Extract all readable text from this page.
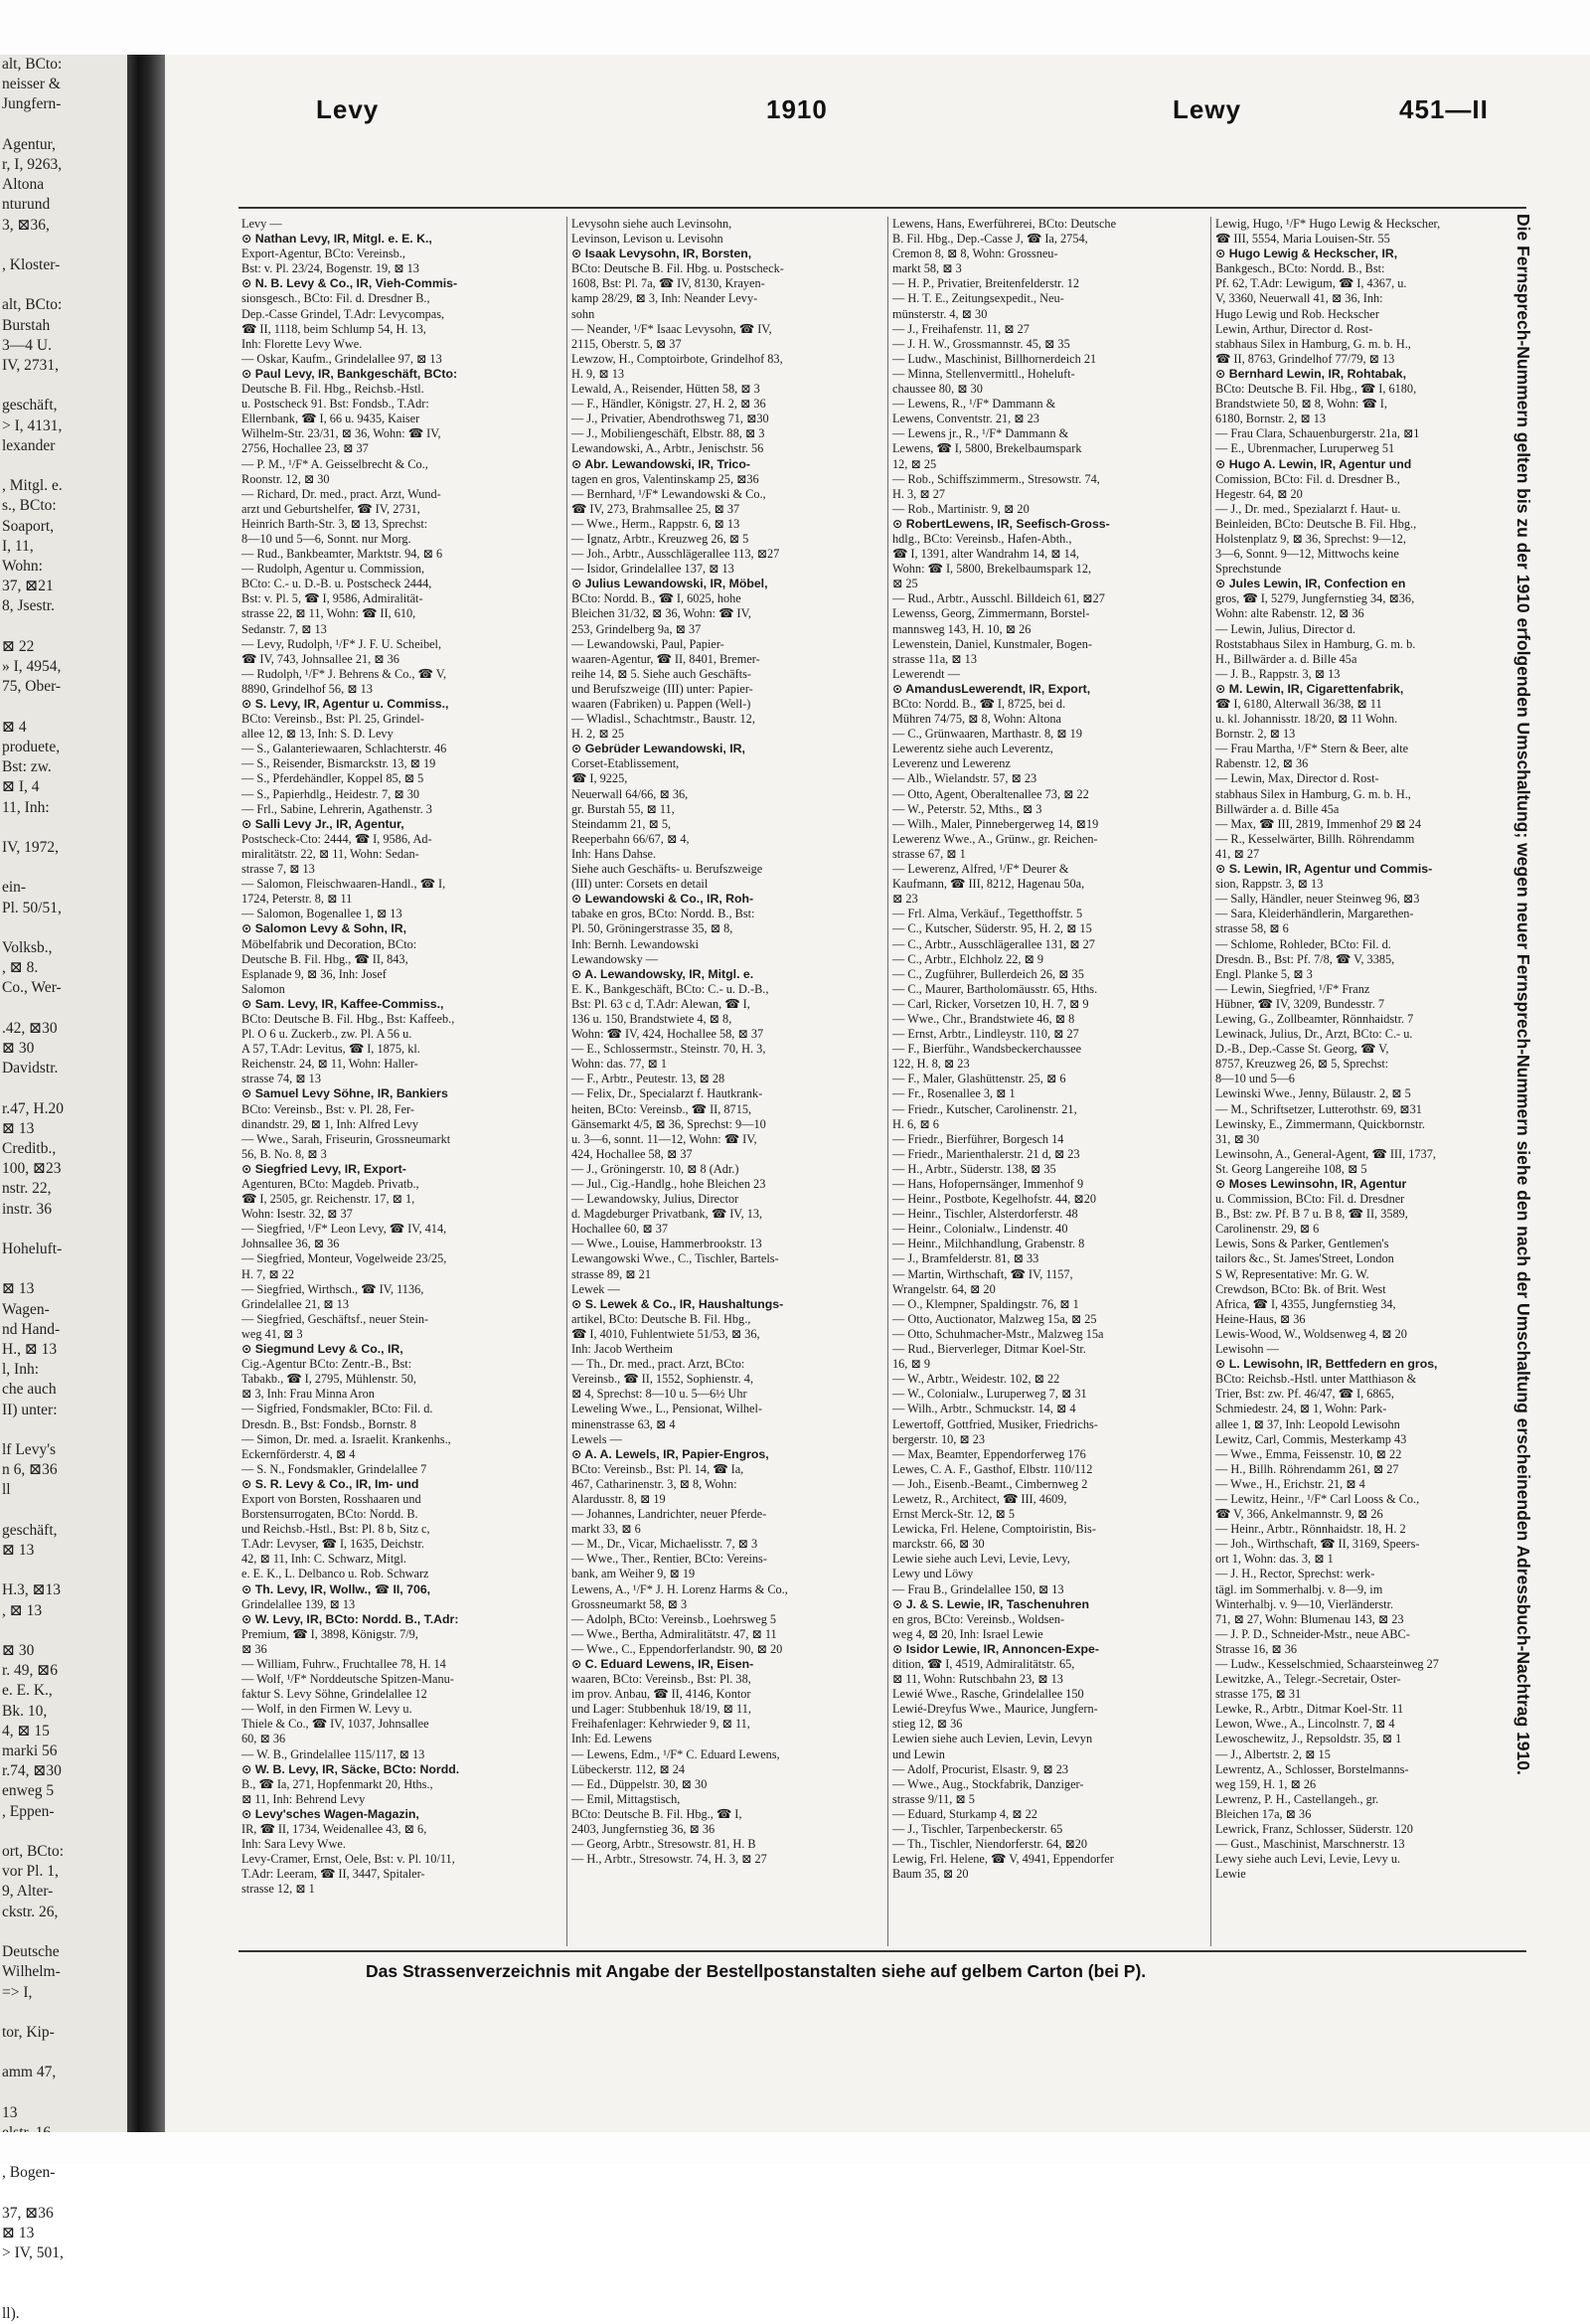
alt, BCto:
neisser &
Jungfern-

Agentur,
r, I, 9263,
Altona
nturund
3, ⊠36,

, Kloster-

alt, BCto:
Burstah
3—4 U.
IV, 2731,

geschäft,
> I, 4131,
lexander

, Mitgl. e.
s., BCto:
Soaport,
I, 11,
Wohn:
37, ⊠21
8, Jsestr.

⊠ 22
» I, 4954,
75, Ober-

⊠ 4
produete,
Bst: zw.
⊠ I, 4
11, Inh:

IV, 1972,

ein-
Pl. 50/51,

Volksb.,
, ⊠ 8.
Co., Wer-

.42, ⊠30
⊠ 30
Davidstr.

r.47, H.20
⊠ 13
Creditb.,
100, ⊠23
nstr. 22,
instr. 36

Hoheluft-

⊠ 13
Wagen-
nd Hand-
H., ⊠ 13
l, Inh:
che auch
II) unter:

lf Levy's
n 6, ⊠36
ll

geschäft,
⊠ 13

H.3, ⊠13
, ⊠ 13

⊠ 30
r. 49, ⊠6
e. E. K.,
Bk. 10,
4, ⊠ 15
marki 56
r.74, ⊠30
enweg 5
, Eppen-

ort, BCto:
vor Pl. 1,
9, Alter-
ckstr. 26,

Deutsche
Wilhelm-
=> I,

tor, Kip-

amm 47,

13

, Bogen-

37, ⊠36
⊠ 13
> IV, 501,

ll).
Levy	1910	Lewy	451—II
Levy —
⊙ Nathan Levy, IR, Mitgl. e. E. K.,
Export-Agentur, BCto: Vereinsb.,
Bst: v. Pl. 23/24, Bogenstr. 19, ⊠ 13
⊙ N. B. Levy & Co., IR, Vieh-Commis-
sionsgesch., BCto: Fil. d. Dresdner B.,
Dep.-Casse Grindel, T.Adr: Levycompas,
☎ II, 1118, beim Schlump 54, H. 13,
Inh: Florette Levy Wwe.
— Oskar, Kaufm., Grindelallee 97, ⊠ 13
⊙ Paul Levy, IR, Bankgeschäft, BCto:
Deutsche B. Fil. Hbg., Reichsb.-Hstl.
u. Postscheck 91. Bst: Fondsb., T.Adr:
Ellernbank, ☎ I, 66 u. 9435, Kaiser
Wilhelm-Str. 23/31, ⊠ 36, Wohn: ☎ IV,
2756, Hochallee 23, ⊠ 37
— P. M., ¹/F* A. Geisselbrecht & Co.,
Roonstr. 12, ⊠ 30
— Richard, Dr. med., pract. Arzt, Wund-
arzt und Geburtshelfer, ☎ IV, 2731,
Heinrich Barth-Str. 3, ⊠ 13, Sprechst:
8—10 und 5—6, Sonnt. nur Morg.
— Rud., Bankbeamter, Marktstr. 94, ⊠ 6
— Rudolph, Agentur u. Commission,
BCto: C.- u. D.-B. u. Postscheck 2444,
Bst: v. Pl. 5, ☎ I, 9586, Admiralität-
strasse 22, ⊠ 11, Wohn: ☎ II, 610,
Sedanstr. 7, ⊠ 13
— Levy, Rudolph, ¹/F* J. F. U. Scheibel,
☎ IV, 743, Johnsallee 21, ⊠ 36
— Rudolph, ¹/F* J. Behrens & Co., ☎ V,
8890, Grindelhof 56, ⊠ 13
⊙ S. Levy, IR, Agentur u. Commiss.,
BCto: Vereinsb., Bst: Pl. 25, Grindel-
allee 12, ⊠ 13, Inh: S. D. Levy
— S., Galanteriewaaren, Schlachterstr. 46
— S., Reisender, Bismarckstr. 13, ⊠ 19
— S., Pferdehändler, Koppel 85, ⊠ 5
— S., Papierhdlg., Heidestr. 7, ⊠ 30
— Frl., Sabine, Lehrerin, Agathenstr. 3
⊙ Salli Levy Jr., IR, Agentur,
Postscheck-Cto: 2444, ☎ I, 9586, Ad-
miralitätstr. 22, ⊠ 11, Wohn: Sedan-
strasse 7, ⊠ 13
— Salomon, Fleischwaaren-Handl., ☎ I,
1724, Peterstr. 8, ⊠ 11
— Salomon, Bogenallee 1, ⊠ 13
⊙ Salomon Levy & Sohn, IR,
Möbelfabrik und Decoration, BCto:
Deutsche B. Fil. Hbg., ☎ II, 843,
Esplanade 9, ⊠ 36, Inh: Josef
Salomon
⊙ Sam. Levy, IR, Kaffee-Commiss.,
BCto: Deutsche B. Fil. Hbg., Bst: Kaffeeb.,
Pl. O 6 u. Zuckerb., zw. Pl. A 56 u.
A 57, T.Adr: Levitus, ☎ I, 1875, kl.
Reichenstr. 24, ⊠ 11, Wohn: Haller-
strasse 74, ⊠ 13
⊙ Samuel Levy Söhne, IR, Bankiers
BCto: Vereinsb., Bst: v. Pl. 28, Fer-
dinandstr. 29, ⊠ 1, Inh: Alfred Levy
— Wwe., Sarah, Friseurin, Grossneumarkt
56, B. No. 8, ⊠ 3
⊙ Siegfried Levy, IR, Export-
Agenturen, BCto: Magdeb. Privatb.,
☎ I, 2505, gr. Reichenstr. 17, ⊠ 1,
Wohn: Isestr. 32, ⊠ 37
— Siegfried, ¹/F* Leon Levy, ☎ IV, 414,
Johnsallee 36, ⊠ 36
— Siegfried, Monteur, Vogelweide 23/25,
H. 7, ⊠ 22
— Siegfried, Wirthsch., ☎ IV, 1136,
Grindelallee 21, ⊠ 13
— Siegfried, Geschäftsf., neuer Stein-
weg 41, ⊠ 3
⊙ Siegmund Levy & Co., IR,
Cig.-Agentur BCto: Zentr.-B., Bst:
Tabakb., ☎ I, 2795, Mühlenstr. 50,
⊠ 3, Inh: Frau Minna Aron
— Sigfried, Fondsmakler, BCto: Fil. d.
Dresdn. B., Bst: Fondsb., Bornstr. 8
— Simon, Dr. med. a. Israelit. Krankenhs.,
Eckernförderstr. 4, ⊠ 4
— S. N., Fondsmakler, Grindelallee 7
⊙ S. R. Levy & Co., IR, Im- und
Export von Borsten, Rosshaaren und
Borstensurrogaten, BCto: Nordd. B.
und Reichsb.-Hstl., Bst: Pl. 8 b, Sitz c,
T.Adr: Levyser, ☎ I, 1635, Deichstr.
42, ⊠ 11, Inh: C. Schwarz, Mitgl.
e. E. K., L. Delbanco u. Rob. Schwarz
⊙ Th. Levy, IR, Wollw., ☎ II, 706,
Grindelallee 139, ⊠ 13
⊙ W. Levy, IR, BCto: Nordd. B., T.Adr:
Premium, ☎ I, 3898, Königstr. 7/9,
⊠ 36
— William, Fuhrw., Fruchtallee 78, H. 14
— Wolf, ¹/F* Norddeutsche Spitzen-Manu-
faktur S. Levy Söhne, Grindelallee 12
— Wolf, in den Firmen W. Levy u.
Thiele & Co., ☎ IV, 1037, Johnsallee
60, ⊠ 36
— W. B., Grindelallee 115/117, ⊠ 13
⊙ W. B. Levy, IR, Säcke, BCto: Nordd.
B., ☎ Ia, 271, Hopfenmarkt 20, Hths.,
⊠ 11, Inh: Behrend Levy
⊙ Levy'sches Wagen-Magazin,
IR, ☎ II, 1734, Weidenallee 43, ⊠ 6,
Inh: Sara Levy Wwe.
Levy-Cramer, Ernst, Oele, Bst: v. Pl. 10/11,
T.Adr: Leeram, ☎ II, 3447, Spitaler-
strasse 12, ⊠ 1
Levysohn siehe auch Levinsohn,
Levinson, Levison u. Levisohn
⊙ Isaak Levysohn, IR, Borsten,
BCto: Deutsche B. Fil. Hbg. u. Postscheck-
1608, Bst: Pl. 7a, ☎ IV, 8130, Krayen-
kamp 28/29, ⊠ 3, Inh: Neander Levy-
sohn
— Neander, ¹/F* Isaac Levysohn, ☎ IV,
2115, Oberstr. 5, ⊠ 37
Lewzow, H., Comptoirbote, Grindelhof 83,
H. 9, ⊠ 13
Lewald, A., Reisender, Hütten 58, ⊠ 3
— F., Händler, Königstr. 27, H. 2, ⊠ 36
— J., Privatier, Abendrothsweg 71, ⊠30
— J., Mobiliengeschäft, Elbstr. 88, ⊠ 3
Lewandowski, A., Arbtr., Jenischstr. 56
⊙ Abr. Lewandowski, IR, Trico-
tagen en gros, Valentinskamp 25, ⊠36
— Bernhard, ¹/F* Lewandowski & Co.,
☎ IV, 273, Brahmsallee 25, ⊠ 37
— Wwe., Herm., Rappstr. 6, ⊠ 13
— Ignatz, Arbtr., Kreuzweg 26, ⊠ 5
— Joh., Arbtr., Ausschlägerallee 113, ⊠27
— Isidor, Grindelallee 137, ⊠ 13
⊙ Julius Lewandowski, IR, Möbel,
BCto: Nordd. B., ☎ I, 6025, hohe
Bleichen 31/32, ⊠ 36, Wohn: ☎ IV,
253, Grindelberg 9a, ⊠ 37
— Lewandowski, Paul, Papier-
waaren-Agentur, ☎ II, 8401, Bremer-
reihe 14, ⊠ 5. Siehe auch Geschäfts-
und Berufszweige (III) unter: Papier-
waaren (Fabriken) u. Pappen (Well-)
— Wladisl., Schachtmstr., Baustr. 12,
H. 2, ⊠ 25
⊙ Gebrüder Lewandowski, IR,
Corset-Etablissement,
☎ I, 9225,
Neuerwall 64/66, ⊠ 36,
gr. Burstah 55, ⊠ 11,
Steindamm 21, ⊠ 5,
Reeperbahn 66/67, ⊠ 4,
Inh: Hans Dahse.
Siehe auch Geschäfts- u. Berufszweige
(III) unter: Corsets en detail
⊙ Lewandowski & Co., IR, Roh-
tabake en gros, BCto: Nordd. B., Bst:
Pl. 50, Gröningerstrasse 35, ⊠ 8,
Inh: Bernh. Lewandowski
Lewandowsky —
⊙ A. Lewandowsky, IR, Mitgl. e.
E. K., Bankgeschäft, BCto: C.- u. D.-B.,
Bst: Pl. 63 c d, T.Adr: Alewan, ☎ I,
136 u. 150, Brandstwiete 4, ⊠ 8,
Wohn: ☎ IV, 424, Hochallee 58, ⊠ 37
— E., Schlossermstr., Steinstr. 70, H. 3,
Wohn: das. 77, ⊠ 1
— F., Arbtr., Peutestr. 13, ⊠ 28
— Felix, Dr., Specialarzt f. Hautkrank-
heiten, BCto: Vereinsb., ☎ II, 8715,
Gänsemarkt 4/5, ⊠ 36, Sprechst: 9—10
u. 3—6, sonnt. 11—12, Wohn: ☎ IV,
424, Hochallee 58, ⊠ 37
— J., Gröningerstr. 10, ⊠ 8 (Adr.)
— Jul., Cig.-Handlg., hohe Bleichen 23
— Lewandowsky, Julius, Director
d. Magdeburger Privatbank, ☎ IV, 13,
Hochallee 60, ⊠ 37
— Wwe., Louise, Hammerbrookstr. 13
Lewangowski Wwe., C., Tischler, Bartels-
strasse 89, ⊠ 21
Lewek —
⊙ S. Lewek & Co., IR, Haushaltungs-
artikel, BCto: Deutsche B. Fil. Hbg.,
☎ I, 4010, Fuhlentwiete 51/53, ⊠ 36,
Inh: Jacob Wertheim
— Th., Dr. med., pract. Arzt, BCto:
Vereinsb., ☎ II, 1552, Sophienstr. 4,
⊠ 4, Sprechst: 8—10 u. 5—6½ Uhr
Leweling Wwe., L., Pensionat, Wilhel-
minenstrasse 63, ⊠ 4
Lewels —
⊙ A. A. Lewels, IR, Papier-Engros,
BCto: Vereinsb., Bst: Pl. 14, ☎ Ia,
467, Catharinenstr. 3, ⊠ 8, Wohn:
Alardusstr. 8, ⊠ 19
— Johannes, Landrichter, neuer Pferde-
markt 33, ⊠ 6
— M., Dr., Vicar, Michaelisstr. 7, ⊠ 3
— Wwe., Ther., Rentier, BCto: Vereins-
bank, am Weiher 9, ⊠ 19
Lewens, A., ¹/F* J. H. Lorenz Harms & Co.,
Grossneumarkt 58, ⊠ 3
— Adolph, BCto: Vereinsb., Loehrsweg 5
— Wwe., Bertha, Admiralitätstr. 47, ⊠ 11
— Wwe., C., Eppendorferlandstr. 90, ⊠ 20
⊙ C. Eduard Lewens, IR, Eisen-
waaren, BCto: Vereinsb., Bst: Pl. 38,
im prov. Anbau, ☎ II, 4146, Kontor
und Lager: Stubbenhuk 18/19, ⊠ 11,
Freihafenlager: Kehrwieder 9, ⊠ 11,
Inh: Ed. Lewens
— Lewens, Edm., ¹/F* C. Eduard Lewens,
Lübeckerstr. 112, ⊠ 24
— Ed., Düppelstr. 30, ⊠ 30
— Emil, Mittagstisch,
BCto: Deutsche B. Fil. Hbg., ☎ I,
2403, Jungfernstieg 36, ⊠ 36
— Georg, Arbtr., Stresowstr. 81, H. B
— H., Arbtr., Stresowstr. 74, H. 3, ⊠ 27
Lewens, Hans, Ewerführerei, BCto: Deutsche
B. Fil. Hbg., Dep.-Casse J, ☎ Ia, 2754,
Cremon 8, ⊠ 8, Wohn: Grossneu-
markt 58, ⊠ 3
— H. P., Privatier, Breitenfelderstr. 12
— H. T. E., Zeitungsexpedit., Neu-
münsterstr. 4, ⊠ 30
— J., Freihafenstr. 11, ⊠ 27
— J. H. W., Grossmannstr. 45, ⊠ 35
— Ludw., Maschinist, Billhornerdeich 21
— Minna, Stellenvermittl., Hoheluft-
chaussee 80, ⊠ 30
— Lewens, R., ¹/F* Dammann &
Lewens, Conventstr. 21, ⊠ 23
— Lewens jr., R., ¹/F* Dammann &
Lewens, ☎ I, 5800, Brekelbaumspark
12, ⊠ 25
— Rob., Schiffszimmerm., Stresowstr. 74,
H. 3, ⊠ 27
— Rob., Martinistr. 9, ⊠ 20
⊙ RobertLewens, IR, Seefisch-Gross-
hdlg., BCto: Vereinsb., Hafen-Abth.,
☎ I, 1391, alter Wandrahm 14, ⊠ 14,
Wohn: ☎ I, 5800, Brekelbaumspark 12,
⊠ 25
— Rud., Arbtr., Ausschl. Billdeich 61, ⊠27
Lewenss, Georg, Zimmermann, Borstel-
mannsweg 143, H. 10, ⊠ 26
Lewenstein, Daniel, Kunstmaler, Bogen-
strasse 11a, ⊠ 13
Lewerendt —
⊙ AmandusLewerendt, IR, Export,
BCto: Nordd. B., ☎ I, 8725, bei d.
Mühren 74/75, ⊠ 8, Wohn: Altona
— C., Grünwaaren, Marthastr. 8, ⊠ 19
Lewerentz siehe auch Leverentz,
Leverenz und Lewerenz
— Alb., Wielandstr. 57, ⊠ 23
— Otto, Agent, Oberaltenallee 73, ⊠ 22
— W., Peterstr. 52, Mths., ⊠ 3
— Wilh., Maler, Pinnebergerweg 14, ⊠19
Lewerenz Wwe., A., Grünw., gr. Reichen-
strasse 67, ⊠ 1
— Lewerenz, Alfred, ¹/F* Deurer &
Kaufmann, ☎ III, 8212, Hagenau 50a,
⊠ 23
— Frl. Alma, Verkäuf., Tegetthoffstr. 5
— C., Kutscher, Süderstr. 95, H. 2, ⊠ 15
— C., Arbtr., Ausschlägerallee 131, ⊠ 27
— C., Arbtr., Elchholz 22, ⊠ 9
— C., Zugführer, Bullerdeich 26, ⊠ 35
— C., Maurer, Bartholomäusstr. 65, Hths.
— Carl, Ricker, Vorsetzen 10, H. 7, ⊠ 9
— Wwe., Chr., Brandstwiete 46, ⊠ 8
— Ernst, Arbtr., Lindleystr. 110, ⊠ 27
— F., Bierführ., Wandsbeckerchaussee
122, H. 8, ⊠ 23
— F., Maler, Glashüttenstr. 25, ⊠ 6
— Fr., Rosenallee 3, ⊠ 1
— Friedr., Kutscher, Carolinenstr. 21,
H. 6, ⊠ 6
— Friedr., Bierführer, Borgesch 14
— Friedr., Marienthalerstr. 21 d, ⊠ 23
— H., Arbtr., Süderstr. 138, ⊠ 35
— Hans, Hofopernsänger, Immenhof 9
— Heinr., Postbote, Kegelhofstr. 44, ⊠20
— Heinr., Tischler, Alsterdorferstr. 48
— Heinr., Colonialw., Lindenstr. 40
— Heinr., Milchhandlung, Grabenstr. 8
— J., Bramfelderstr. 81, ⊠ 33
— Martin, Wirthschaft, ☎ IV, 1157,
Wrangelstr. 64, ⊠ 20
— O., Klempner, Spaldingstr. 76, ⊠ 1
— Otto, Auctionator, Malzweg 15a, ⊠ 25
— Otto, Schuhmacher-Mstr., Malzweg 15a
— Rud., Bierverleger, Ditmar Koel-Str.
16, ⊠ 9
— W., Arbtr., Weidestr. 102, ⊠ 22
— W., Colonialw., Luruperweg 7, ⊠ 31
— Wilh., Arbtr., Schmuckstr. 14, ⊠ 4
Lewertoff, Gottfried, Musiker, Friedrichs-
bergerstr. 10, ⊠ 23
— Max, Beamter, Eppendorferweg 176
Lewes, C. A. F., Gasthof, Elbstr. 110/112
— Joh., Eisenb.-Beamt., Cimbernweg 2
Lewetz, R., Architect, ☎ III, 4609,
Ernst Merck-Str. 12, ⊠ 5
Lewicka, Frl. Helene, Comptoiristin, Bis-
marckstr. 66, ⊠ 30
Lewie siehe auch Levi, Levie, Levy,
Lewy und Löwy
— Frau B., Grindelallee 150, ⊠ 13
⊙ J. & S. Lewie, IR, Taschenuhren
en gros, BCto: Vereinsb., Woldsen-
weg 4, ⊠ 20, Inh: Israel Lewie
⊙ Isidor Lewie, IR, Annoncen-Expe-
dition, ☎ I, 4519, Admiralitätstr. 65,
⊠ 11, Wohn: Rutschbahn 23, ⊠ 13
Lewié Wwe., Rasche, Grindelallee 150
Lewié-Dreyfus Wwe., Maurice, Jungfern-
stieg 12, ⊠ 36
Lewien siehe auch Levien, Levin, Levyn
und Lewin
— Adolf, Procurist, Elsastr. 9, ⊠ 23
— Wwe., Aug., Stockfabrik, Danziger-
strasse 9/11, ⊠ 5
— Eduard, Sturkamp 4, ⊠ 22
— J., Tischler, Tarpenbeckerstr. 65
— Th., Tischler, Niendorferstr. 64, ⊠20
Lewig, Frl. Helene, ☎ V, 4941, Eppendorfer
Baum 35, ⊠ 20
Lewig, Hugo, ¹/F* Hugo Lewig & Heckscher,
☎ III, 5554, Maria Louisen-Str. 55
⊙ Hugo Lewig & Heckscher, IR,
Bankgesch., BCto: Nordd. B., Bst:
Pf. 62, T.Adr: Lewigum, ☎ I, 4367, u.
V, 3360, Neuerwall 41, ⊠ 36, Inh:
Hugo Lewig und Rob. Heckscher
Lewin, Arthur, Director d. Rost-
stabhaus Silex in Hamburg, G. m. b. H.,
☎ II, 8763, Grindelhof 77/79, ⊠ 13
⊙ Bernhard Lewin, IR, Rohtabak,
BCto: Deutsche B. Fil. Hbg., ☎ I, 6180,
Brandstwiete 50, ⊠ 8, Wohn: ☎ I,
6180, Bornstr. 2, ⊠ 13
— Frau Clara, Schauenburgerstr. 21a, ⊠1
— E., Ubrenmacher, Luruperweg 51
⊙ Hugo A. Lewin, IR, Agentur und
Comission, BCto: Fil. d. Dresdner B.,
Hegestr. 64, ⊠ 20
— J., Dr. med., Spezialarzt f. Haut- u.
Beinleiden, BCto: Deutsche B. Fil. Hbg.,
Holstenplatz 9, ⊠ 36, Sprechst: 9—12,
3—6, Sonnt. 9—12, Mittwochs keine
Sprechstunde
⊙ Jules Lewin, IR, Confection en
gros, ☎ I, 5279, Jungfernstieg 34, ⊠36,
Wohn: alte Rabenstr. 12, ⊠ 36
— Lewin, Julius, Director d.
Roststabhaus Silex in Hamburg, G. m. b.
H., Billwärder a. d. Bille 45a
— J. B., Rappstr. 3, ⊠ 13
⊙ M. Lewin, IR, Cigarettenfabrik,
☎ I, 6180, Alterwall 36/38, ⊠ 11
u. kl. Johannisstr. 18/20, ⊠ 11 Wohn.
Bornstr. 2, ⊠ 13
— Frau Martha, ¹/F* Stern & Beer, alte
Rabenstr. 12, ⊠ 36
— Lewin, Max, Director d. Rost-
stabhaus Silex in Hamburg, G. m. b. H.,
Billwärder a. d. Bille 45a
— Max, ☎ III, 2819, Immenhof 29 ⊠ 24
— R., Kesselwärter, Billh. Röhrendamm
41, ⊠ 27
⊙ S. Lewin, IR, Agentur und Commis-
sion, Rappstr. 3, ⊠ 13
— Sally, Händler, neuer Steinweg 96, ⊠3
— Sara, Kleiderhändlerin, Margarethen-
strasse 58, ⊠ 6
— Schlome, Rohleder, BCto: Fil. d.
Dresdn. B., Bst: Pf. 7/8, ☎ V, 3385,
Engl. Planke 5, ⊠ 3
— Lewin, Siegfried, ¹/F* Franz
Hübner, ☎ IV, 3209, Bundesstr. 7
Lewing, G., Zollbeamter, Rönnhaidstr. 7
Lewinack, Julius, Dr., Arzt, BCto: C.- u.
D.-B., Dep.-Casse St. Georg, ☎ V,
8757, Kreuzweg 26, ⊠ 5, Sprechst:
8—10 und 5—6
Lewinski Wwe., Jenny, Bülaustr. 2, ⊠ 5
— M., Schriftsetzer, Lutterothstr. 69, ⊠31
Lewinsky, E., Zimmermann, Quickbornstr.
31, ⊠ 30
Lewinsohn, A., General-Agent, ☎ III, 1737,
St. Georg Langereihe 108, ⊠ 5
⊙ Moses Lewinsohn, IR, Agentur
u. Commission, BCto: Fil. d. Dresdner
B., Bst: zw. Pf. B 7 u. B 8, ☎ II, 3589,
Carolinenstr. 29, ⊠ 6
Lewis, Sons & Parker, Gentlemen's
tailors &c., St. James'Street, London
S W, Representative: Mr. G. W.
Crewdson, BCto: Bk. of Brit. West
Africa, ☎ I, 4355, Jungfernstieg 34,
Heine-Haus, ⊠ 36
Lewis-Wood, W., Woldsenweg 4, ⊠ 20
Lewisohn —
⊙ L. Lewisohn, IR, Bettfedern en gros,
BCto: Reichsb.-Hstl. unter Matthiason &
Trier, Bst: zw. Pf. 46/47, ☎ I, 6865,
Schmiedestr. 24, ⊠ 1, Wohn: Park-
allee 1, ⊠ 37, Inh: Leopold Lewisohn
Lewitz, Carl, Commis, Mesterkamp 43
— Wwe., Emma, Feissenstr. 10, ⊠ 22
— H., Billh. Röhrendamm 261, ⊠ 27
— Wwe., H., Erichstr. 21, ⊠ 4
— Lewitz, Heinr., ¹/F* Carl Looss & Co.,
☎ V, 366, Ankelmannstr. 9, ⊠ 26
— Heinr., Arbtr., Rönnhaidstr. 18, H. 2
— Joh., Wirthschaft, ☎ II, 3169, Speers-
ort 1, Wohn: das. 3, ⊠ 1
— J. H., Rector, Sprechst: werk-
tägl. im Sommerhalbj. v. 8—9, im
Winterhalbj. v. 9—10, Vierländerstr.
71, ⊠ 27, Wohn: Blumenau 143, ⊠ 23
— J. P. D., Schneider-Mstr., neue ABC-
Strasse 16, ⊠ 36
— Ludw., Kesselschmied, Schaarsteinweg 27
Lewitzke, A., Telegr.-Secretair, Oster-
strasse 175, ⊠ 31
Lewke, R., Arbtr., Ditmar Koel-Str. 11
Lewon, Wwe., A., Lincolnstr. 7, ⊠ 4
Lewoschewitz, J., Repsoldstr. 35, ⊠ 1
— J., Albertstr. 2, ⊠ 15
Lewrentz, A., Schlosser, Borstelmanns-
weg 159, H. 1, ⊠ 26
Lewrenz, P. H., Castellangeh., gr.
Bleichen 17a, ⊠ 36
Lewrick, Franz, Schlosser, Süderstr. 120
— Gust., Maschinist, Marschnerstr. 13
Lewy siehe auch Levi, Levie, Levy u.
Lewie
Das Strassenverzeichnis mit Angabe der Bestellpostanstalten siehe auf gelbem Carton (bei P).
Die Fernsprech-Nummern gelten bis zu der 1910 erfolgenden Umschaltung; wegen neuer Fernsprech-Nummern siehe den nach der Umschaltung erscheinenden Adressbuch-Nachtrag 1910.
